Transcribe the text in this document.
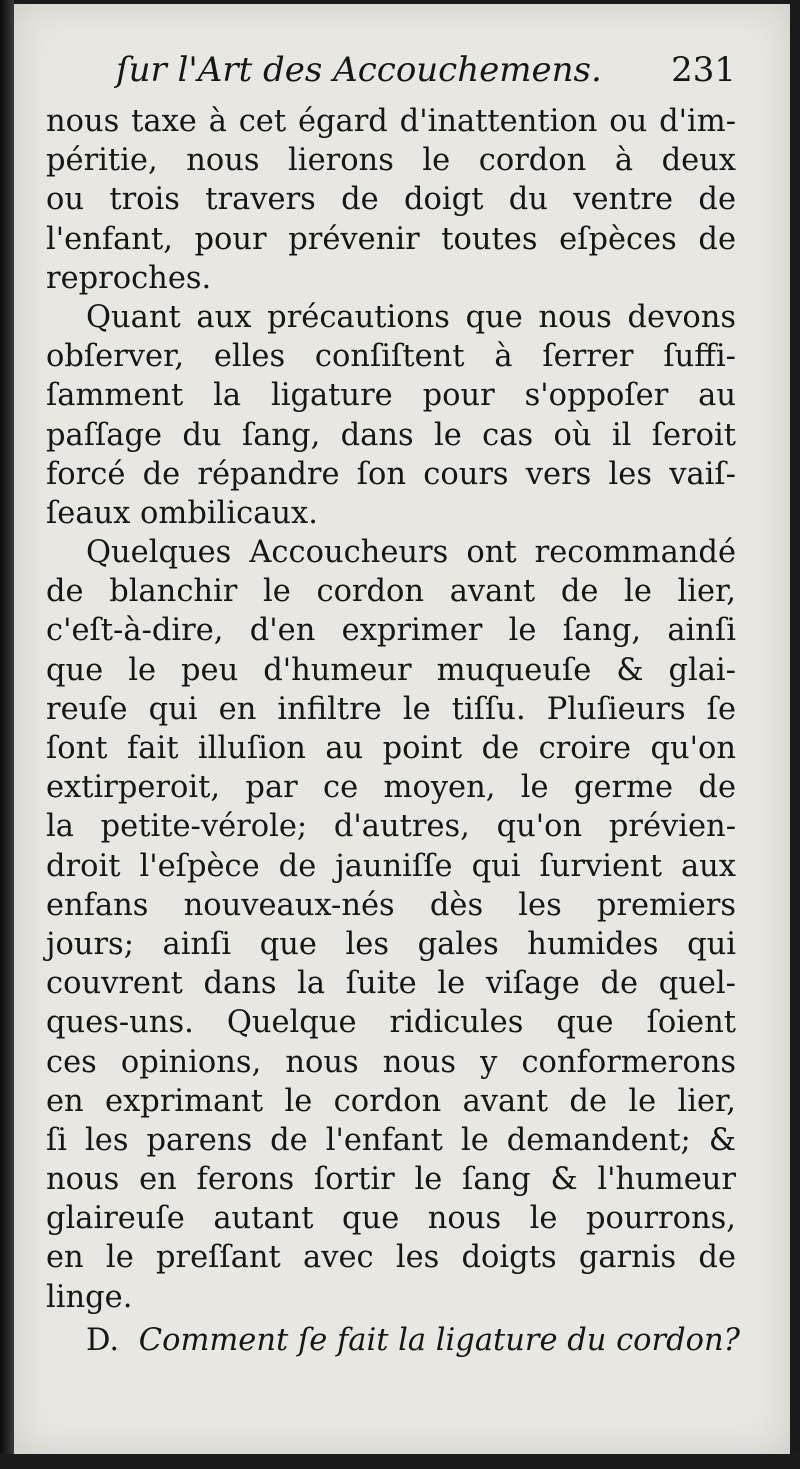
ſur l'Art des Accouchemens.	231
nous taxe à cet égard d'inattention ou d'im-
péritie, nous lierons le cordon à deux
ou trois travers de doigt du ventre de
l'enfant, pour prévenir toutes eſpèces de
reproches.
Quant aux précautions que nous devons
obſerver, elles conſiſtent à ſerrer ſuffi-
ſamment la ligature pour s'oppoſer au
paſſage du ſang, dans le cas où il ſeroit
forcé de répandre ſon cours vers les vaiſ-
ſeaux ombilicaux.
Quelques Accoucheurs ont recommandé
de blanchir le cordon avant de le lier,
c'eſt-à-dire, d'en exprimer le ſang, ainſi
que le peu d'humeur muqueuſe & glai-
reuſe qui en infiltre le tiſſu. Pluſieurs ſe
ſont fait illuſion au point de croire qu'on
extirperoit, par ce moyen, le germe de
la petite-vérole; d'autres, qu'on prévien-
droit l'eſpèce de jauniſſe qui ſurvient aux
enfans nouveaux-nés dès les premiers
jours; ainſi que les gales humides qui
couvrent dans la ſuite le viſage de quel-
ques-uns. Quelque ridicules que ſoient
ces opinions, nous nous y conformerons
en exprimant le cordon avant de le lier,
ſi les parens de l'enfant le demandent; &
nous en ferons ſortir le ſang & l'humeur
glaireuſe autant que nous le pourrons,
en le preſſant avec les doigts garnis de
linge.
D. Comment ſe fait la ligature du cordon?
